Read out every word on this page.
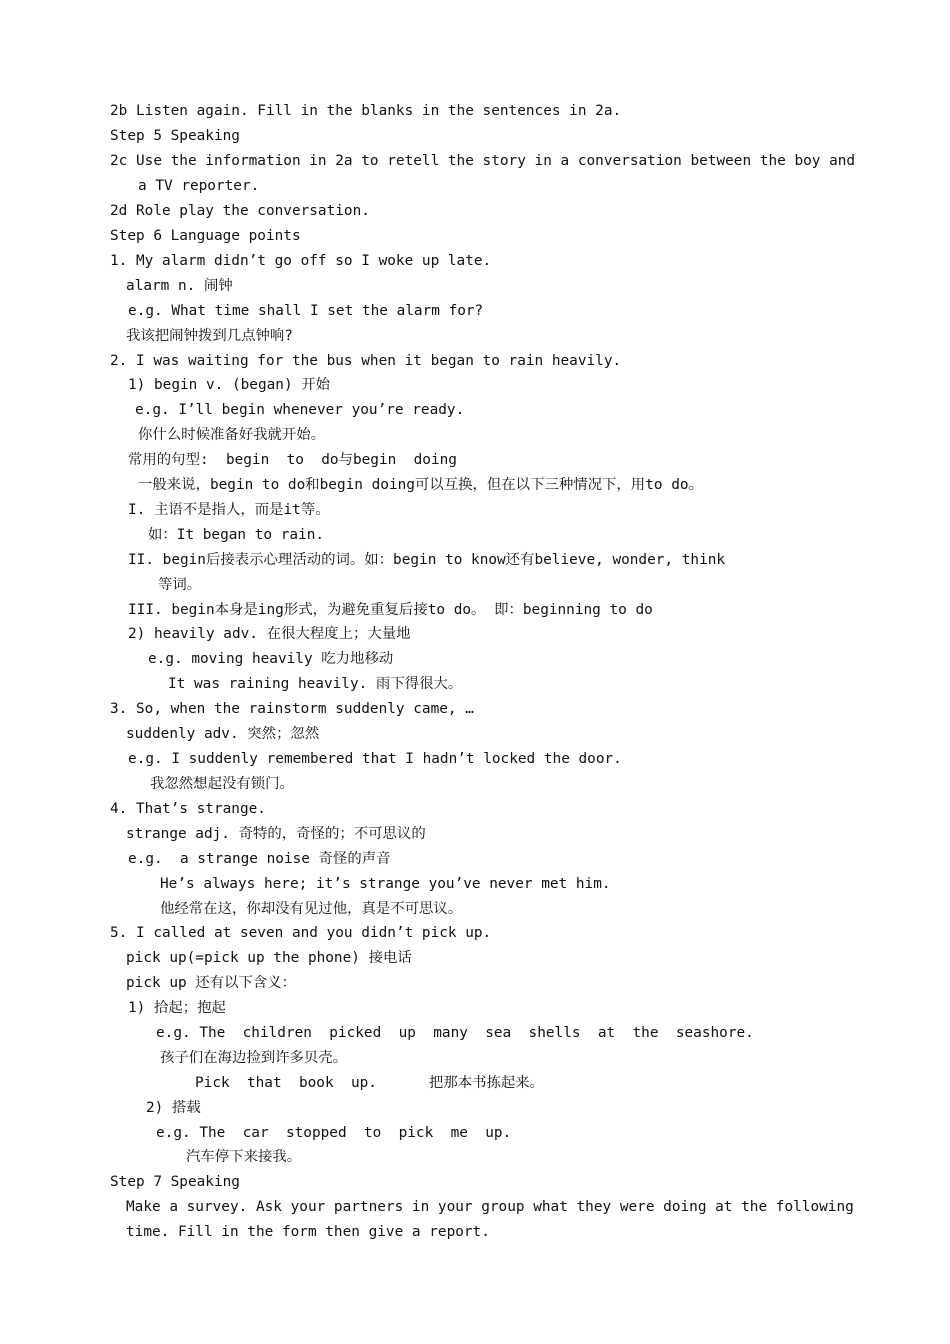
2b Listen again. Fill in the blanks in the sentences in 2a.
Step 5 Speaking
2c Use the information in 2a to retell the story in a conversation between the boy and
a TV reporter.
2d Role play the conversation.
Step 6 Language points
1. My alarm didn’t go off so I woke up late.
alarm n. 闹钟
e.g. What time shall I set the alarm for?
我该把闹钟拨到几点钟响?
2. I was waiting for the bus when it began to rain heavily.
1) begin v. (began) 开始
e.g. I’ll begin whenever you’re ready.
你什么时候准备好我就开始。
常用的句型:  begin  to  do与begin  doing
一般来说，begin to do和begin doing可以互换，但在以下三种情况下，用to do。
I. 主语不是指人，而是it等。
如：It began to rain.
II. begin后接表示心理活动的词。如：begin to know还有believe, wonder, think
等词。
III. begin本身是ing形式，为避免重复后接to do。 即：beginning to do
2) heavily adv. 在很大程度上；大量地
e.g. moving heavily 吃力地移动
It was raining heavily. 雨下得很大。
3. So, when the rainstorm suddenly came, …
suddenly adv. 突然；忽然
e.g. I suddenly remembered that I hadn’t locked the door.
我忽然想起没有锁门。
4. That’s strange.
strange adj. 奇特的，奇怪的；不可思议的
e.g.  a strange noise 奇怪的声音
He’s always here; it’s strange you’ve never met him.
他经常在这，你却没有见过他，真是不可思议。
5. I called at seven and you didn’t pick up.
pick up(=pick up the phone) 接电话
pick up 还有以下含义：
1) 拾起；抱起
e.g. The  children  picked  up  many  sea  shells  at  the  seashore.
孩子们在海边捡到许多贝壳。
Pick  that  book  up.      把那本书拣起来。
2) 搭载
e.g. The  car  stopped  to  pick  me  up.
汽车停下来接我。
Step 7 Speaking
Make a survey. Ask your partners in your group what they were doing at the following
time. Fill in the form then give a report.
